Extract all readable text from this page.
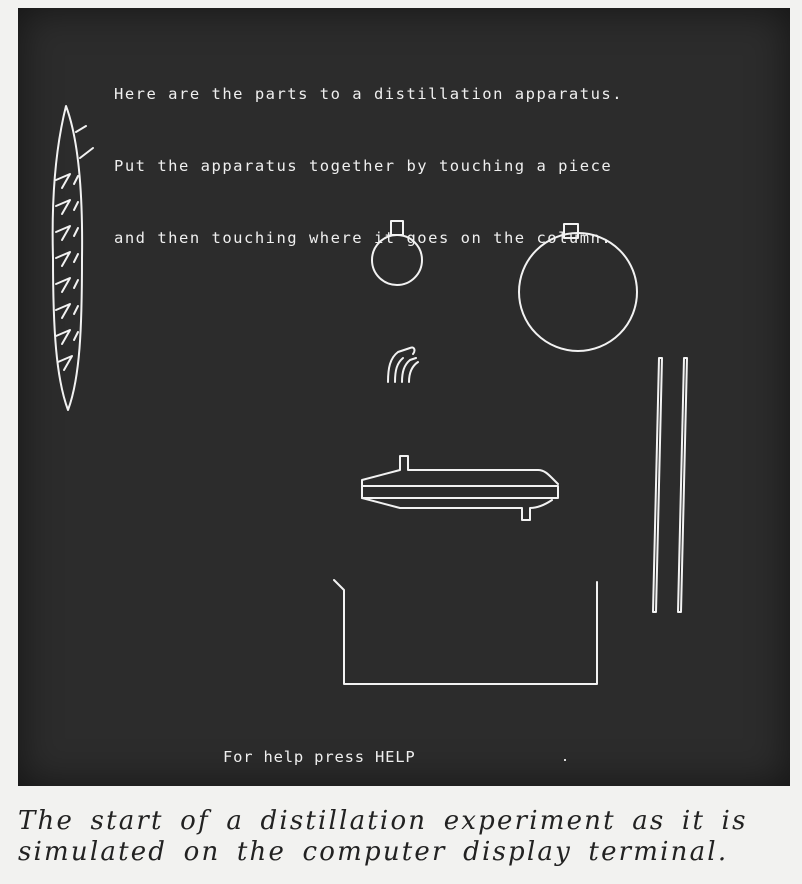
Here are the parts to a distillation apparatus.

Put the apparatus together by touching a piece

and then touching where it goes on the column.

For help press HELP
The start of a distillation experiment as it is
simulated on the computer display terminal.
